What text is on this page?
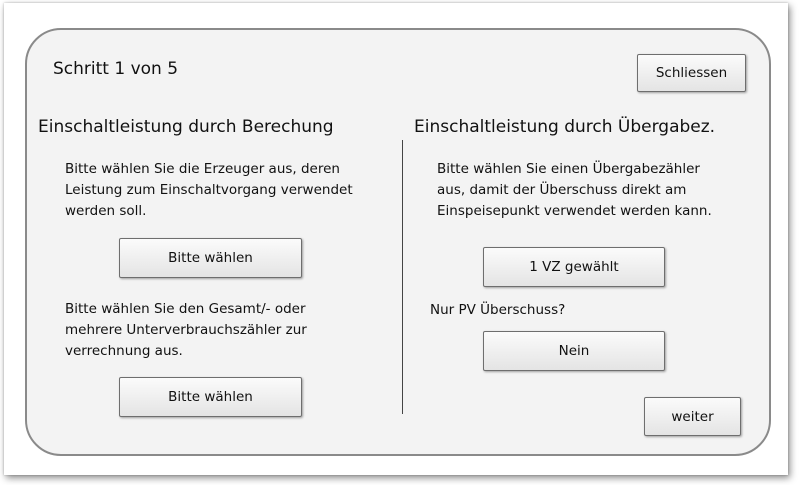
Schritt 1 von 5	Schliessen

Einschaltleistung durch Berechung	Einschaltleistung durch Übergabez.

Bitte wählen Sie die Erzeuger aus, deren
Leistung zum Einschaltvorgang verwendet
werden soll.
Bitte wählen
Bitte wählen Sie den Gesamt/- oder
mehrere Unterverbrauchszähler zur
verrechnung aus.
Bitte wählen
Bitte wählen Sie einen Übergabezähler
aus, damit der Überschuss direkt am
Einspeisepunkt verwendet werden kann.
1 VZ gewählt

Nur PV Überschuss?

Nein
weiter
